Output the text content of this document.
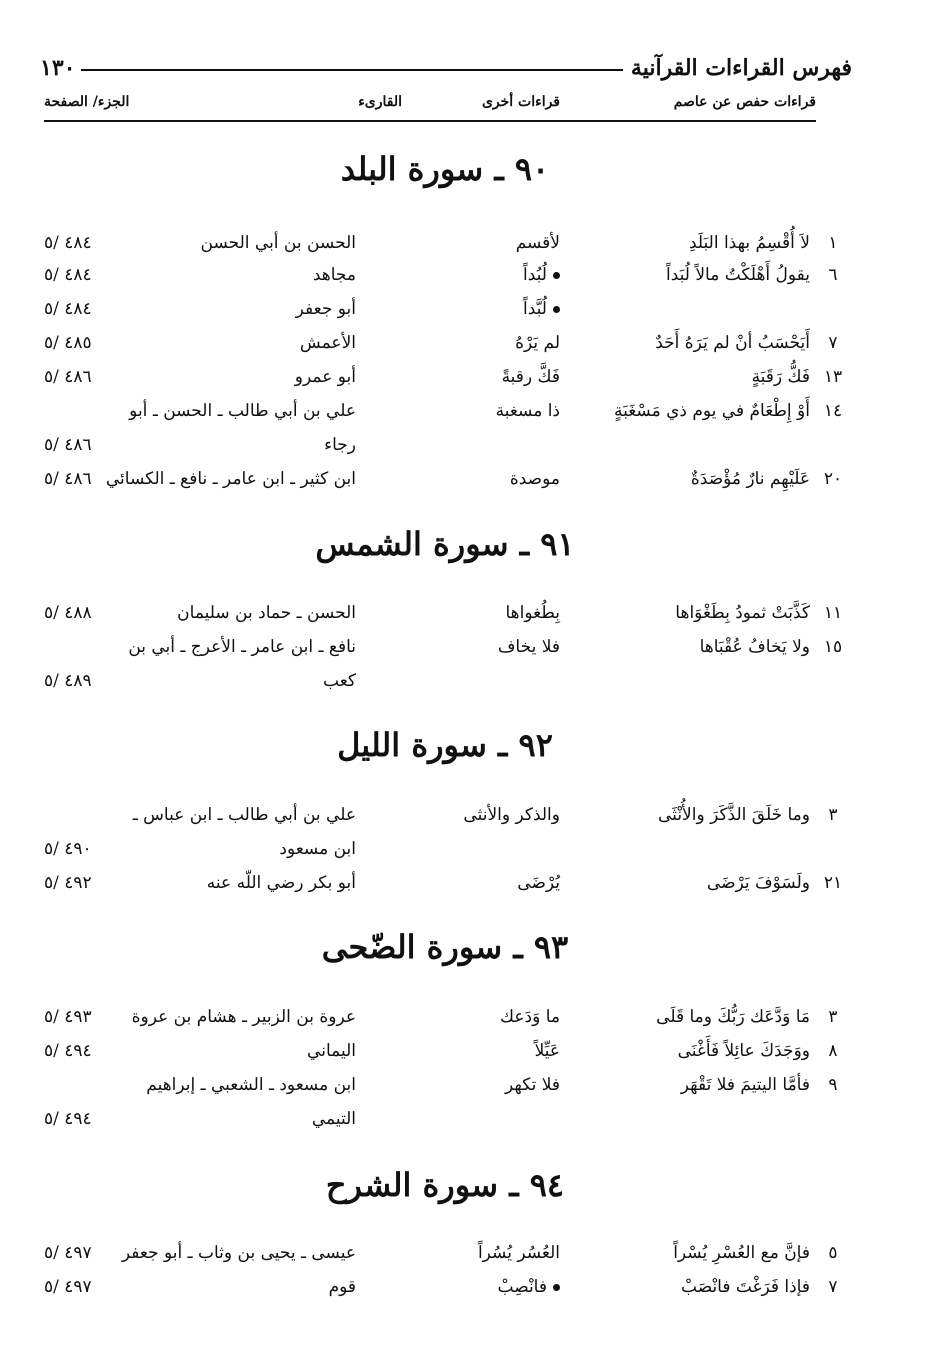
فهرس القراءات القرآنية
١٣٠
قراءات حفص عن عاصم
قراءات أخرى
القارىء
الجزء/ الصفحة
٩٠ ـ سورة البلد
١
لاَ أُقْسِمُ بهذا البَلَدِ
لأقسم
الحسن بن أبي الحسن
٤٨٤ /٥
٦
يقولُ أَهْلَكْتُ مالاً لُبَداً
لُبُداً
مجاهد
٤٨٤ /٥
لُبَّداً
أبو جعفر
٤٨٤ /٥
٧
أَيَحْسَبُ أنْ لم يَرَهُ أَحَدٌ
لم يَرْهُ
الأعمش
٤٨٥ /٥
١٣
فَكُّ رَقَبَةٍ
فَكَّ رقبةً
أبو عمرو
٤٨٦ /٥
١٤
أَوْ إِطْعَامٌ في يوم ذي مَسْغَبَةٍ
ذا مسغبة
علي بن أبي طالب ـ الحسن ـ أبو
رجاء
٤٨٦ /٥
٢٠
عَلَيْهِم نارٌ مُؤْصَدَةٌ
موصدة
ابن كثير ـ ابن عامر ـ نافع ـ الكسائي
٤٨٦ /٥
٩١ ـ سورة الشمس
١١
كَذَّبَتْ ثمودُ بِطَغْوَاها
بِطُغواها
الحسن ـ حماد بن سليمان
٤٨٨ /٥
١٥
ولا يَخافُ عُقْبَاها
فلا يخاف
نافع ـ ابن عامر ـ الأعرج ـ أبي بن
كعب
٤٨٩ /٥
٩٢ ـ سورة الليل
٣
وما خَلَقَ الذَّكَرَ والأُنْثَى
والذكر والأنثى
علي بن أبي طالب ـ ابن عباس ـ
ابن مسعود
٤٩٠ /٥
٢١
ولَسَوْفَ يَرْضَى
يُرْضَى
أبو بكر رضي اللّه عنه
٤٩٢ /٥
٩٣ ـ سورة الضّحى
٣
مَا وَدَّعَك رَبُّكَ وما قَلَى
ما وَدَعك
عروة بن الزبير ـ هشام بن عروة
٤٩٣ /٥
٨
ووَجَدَكَ عائِلاً فَأَغْنَى
عَيِّلاً
اليماني
٤٩٤ /٥
٩
فأمَّا اليتيمَ فلا تَقْهَر
فلا تكهر
ابن مسعود ـ الشعبي ـ إبراهيم
التيمي
٤٩٤ /٥
٩٤ ـ سورة الشرح
٥
فإنَّ مع العُسْرِ يُسْراً
العُسُر يُسُراً
عيسى ـ يحيى بن وثاب ـ أبو جعفر
٤٩٧ /٥
٧
فإذا فَرَغْتَ فانْصَبْ
فانْصِبْ
قوم
٤٩٧ /٥
